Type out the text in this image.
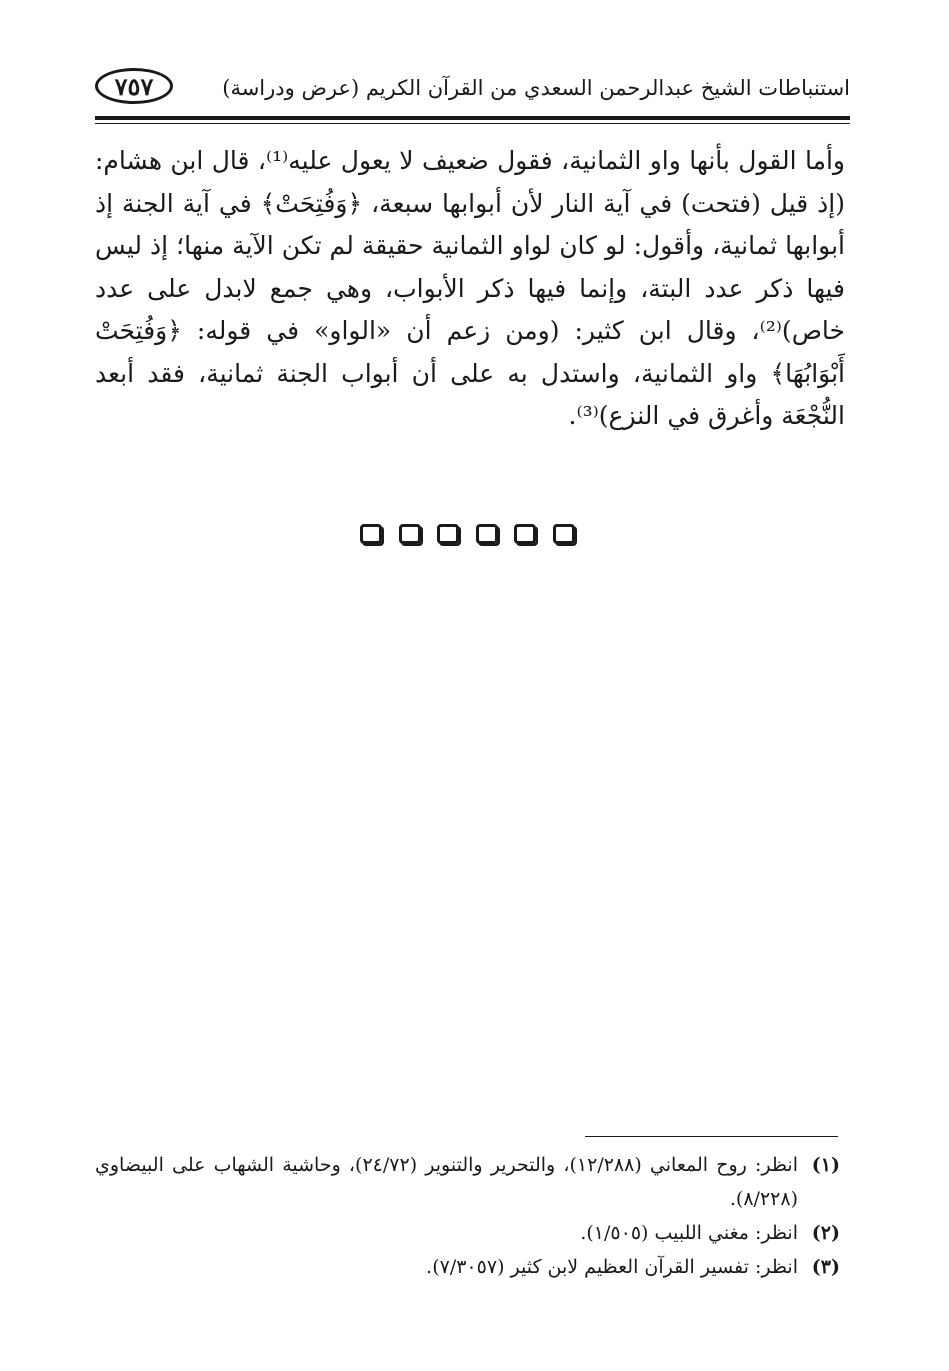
٧٥٧	استنباطات الشيخ عبدالرحمن السعدي من القرآن الكريم (عرض ودراسة)
وأما القول بأنها واو الثمانية، فقول ضعيف لا يعول عليه⁽¹⁾، قال ابن هشام: (إذ قيل (فتحت) في آية النار لأن أبوابها سبعة، ﴿وَفُتِحَتْ﴾ في آية الجنة إذ أبوابها ثمانية، وأقول: لو كان لواو الثمانية حقيقة لم تكن الآية منها؛ إذ ليس فيها ذكر عدد البتة، وإنما فيها ذكر الأبواب، وهي جمع لابدل على عدد خاص)⁽²⁾، وقال ابن كثير: (ومن زعم أن «الواو» في قوله: ﴿وَفُتِحَتْ أَبْوَابُهَا﴾ واو الثمانية، واستدل به على أن أبواب الجنة ثمانية، فقد أبعد النُّجْعَة وأغرق في النزع)⁽³⁾.
(١)
انظر: روح المعاني (١٢/٢٨٨)، والتحرير والتنوير (٢٤/٧٢)، وحاشية الشهاب على البيضاوي (٨/٢٢٨).
(٢)
انظر: مغني اللبيب (١/٥٠٥).
(٣)
انظر: تفسير القرآن العظيم لابن كثير (٧/٣٠٥٧).
